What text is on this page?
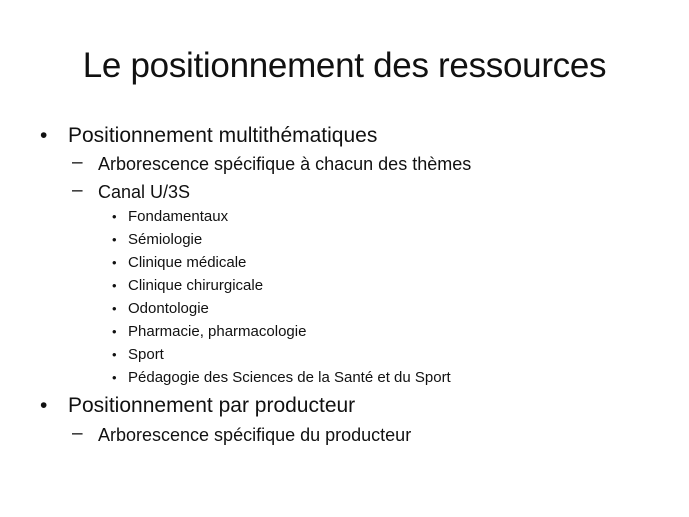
Le positionnement des ressources
• Positionnement multithématiques
– Arborescence spécifique à chacun des thèmes
– Canal U/3S
• Fondamentaux
• Sémiologie
• Clinique médicale
• Clinique chirurgicale
• Odontologie
• Pharmacie, pharmacologie
• Sport
• Pédagogie des Sciences de la Santé et du Sport
• Positionnement par producteur
– Arborescence spécifique du producteur
